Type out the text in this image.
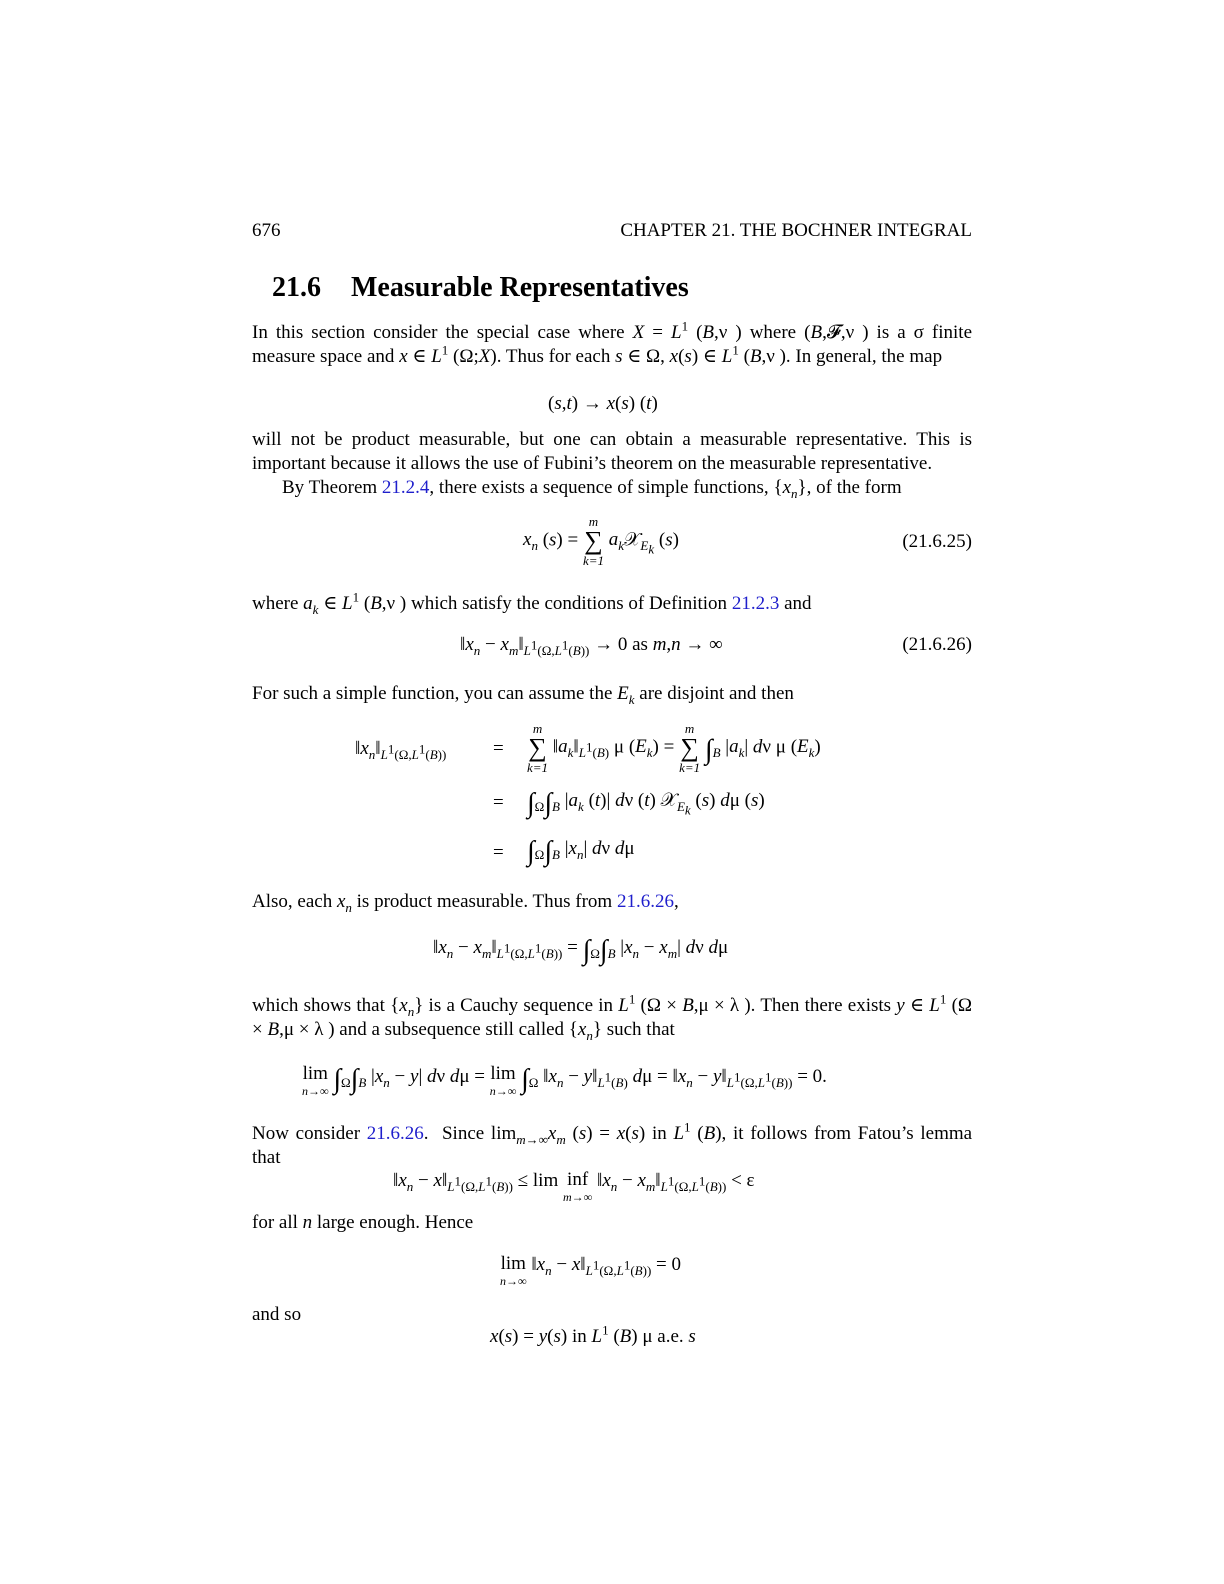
676	CHAPTER 21. THE BOCHNER INTEGRAL
21.6 Measurable Representatives
In this section consider the special case where $X = L^1$ (B,ν ) where (B,𝓕,ν ) is a σ finite measure space and x ∈ $L^1$ (Ω;X). Thus for each s ∈ Ω, x(s) ∈ $L^1$ (B,ν ). In general, the map
(s,t) → x(s) (t)
will not be product measurable, but one can obtain a measurable representative. This is important because it allows the use of Fubini’s theorem on the measurable representative.
By Theorem 21.2.4, there exists a sequence of simple functions, $\{x_n\}$, of the form
$x_n$ (s) =
m
∑
k=1
$a_k𝒳_{E_k}$ (s)	(21.6.25)
where $a_k$ ∈ $L^1$ (B,ν ) which satisfy the conditions of Definition 21.2.3 and
$‖x_n$ − $x_m‖_{L^1(\Omega,L^1(B))} \to 0$ as m,n → ∞	(21.6.26)
For such a simple function, you can assume the $E_k$ are disjoint and then
$‖x_n‖_{L^1(\Omega,L^1(B))}$ =
m
∑
k=1
$‖a_k‖_{L^1(B)}$ μ $(E_k)$ =
m
∑
k=1
$\int_B$ $|a_k|$ dν μ $(E_k)$
= $\int_\Omega\int_B$ $|a_k$ (t)| dν (t) 𝒳$_{E_k}$ (s) dμ (s)
= $\int_\Omega\int_B$ $|x_n|$ dν dμ
Also, each $x_n$ is product measurable. Thus from 21.6.26,
$‖x_n$ − $x_m‖_{L^1(\Omega,L^1(B))} = \int_\Omega\int_B$ $|x_n - x_m|$ dν dμ
which shows that $\{x_n\}$ is a Cauchy sequence in $L^1$ (Ω × B,μ × λ ). Then there exists y ∈ $L^1$ (Ω × B,μ × λ ) and a subsequence still called $\{x_n\}$ such that
lim
n→∞ $\int_\Omega\int_B$ $|x_n - y|$ dν dμ = lim
n→∞ $\int_\Omega$ $‖x_n$ − $y‖_{L^1(B)}$ $d\mu = ‖x_n$ − $y‖_{L^1(\Omega,L^1(B))} = 0$.
Now consider 21.6.26.  Since $\lim_{m\to\infty}x_m$ (s) = x(s) in $L^1$ (B), it follows from Fatou’s lemma that
$‖x_n$ − $x‖_{L^1(\Omega,L^1(B))} \le \lim$ inf
m→∞
$‖x_n$ − $x_m‖_{L^1(\Omega,L^1(B))} < \varepsilon$
for all n large enough. Hence
lim
n→∞
$‖x_n$ − $x‖_{L^1(\Omega,L^1(B))} = 0$
and so
x(s) = y(s) in $L^1$ (B) μ a.e. s
